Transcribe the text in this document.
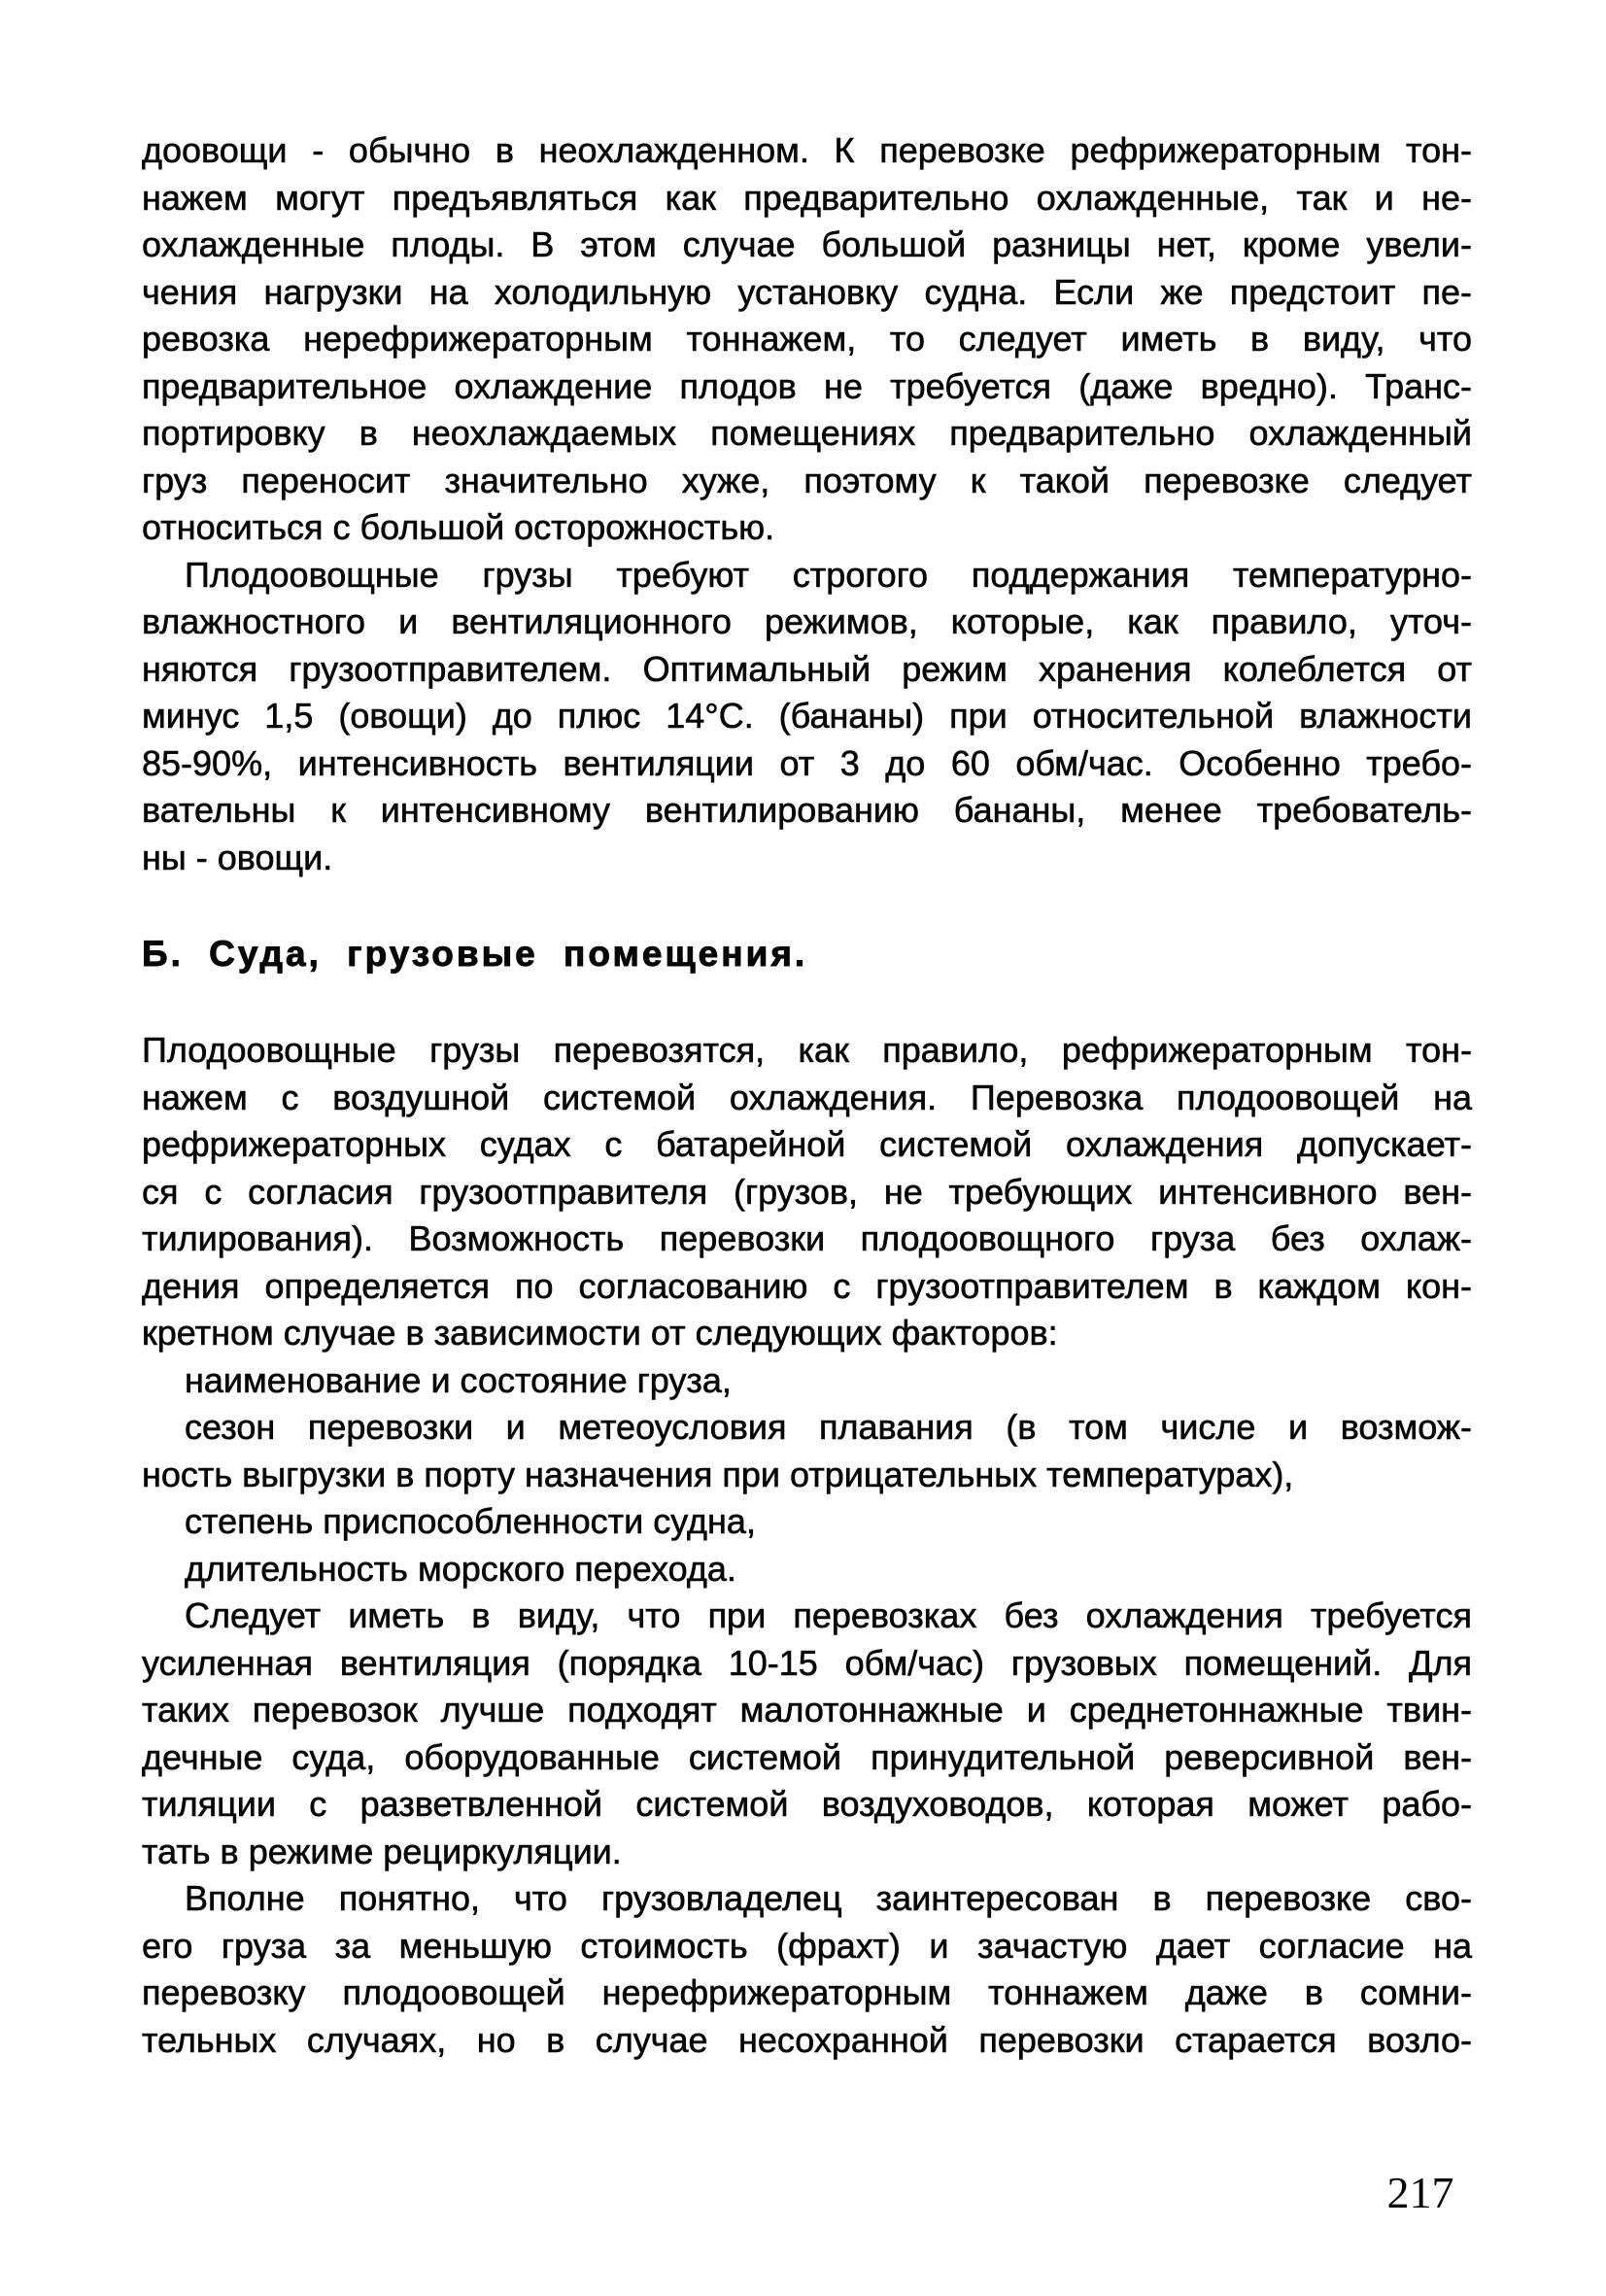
доовощи - обычно в неохлажденном. К перевозке рефрижераторным тон-
нажем могут предъявляться как предварительно охлажденные, так и не-
охлажденные плоды. В этом случае большой разницы нет, кроме увели-
чения нагрузки на холодильную установку судна. Если же предстоит пе-
ревозка нерефрижераторным тоннажем, то следует иметь в виду, что
предварительное охлаждение плодов не требуется (даже вредно). Транс-
портировку в неохлаждаемых помещениях предварительно охлажденный
груз переносит значительно хуже, поэтому к такой перевозке следует
относиться с большой осторожностью.
Плодоовощные грузы требуют строгого поддержания температурно-
влажностного и вентиляционного режимов, которые, как правило, уточ-
няются грузоотправителем. Оптимальный режим хранения колеблется от
минус 1,5 (овощи) до плюс 14°С. (бананы) при относительной влажности
85-90%, интенсивность вентиляции от 3 до 60 обм/час. Особенно требо-
вательны к интенсивному вентилированию бананы, менее требователь-
ны - овощи.
Б. Суда, грузовые помещения.
Плодоовощные грузы перевозятся, как правило, рефрижераторным тон-
нажем с воздушной системой охлаждения. Перевозка плодоовощей на
рефрижераторных судах с батарейной системой охлаждения допускает-
ся с согласия грузоотправителя (грузов, не требующих интенсивного вен-
тилирования). Возможность перевозки плодоовощного груза без охлаж-
дения определяется по согласованию с грузоотправителем в каждом кон-
кретном случае в зависимости от следующих факторов:
наименование и состояние груза,
сезон перевозки и метеоусловия плавания (в том числе и возмож-
ность выгрузки в порту назначения при отрицательных температурах),
степень приспособленности судна,
длительность морского перехода.
Следует иметь в виду, что при перевозках без охлаждения требуется
усиленная вентиляция (порядка 10-15 обм/час) грузовых помещений. Для
таких перевозок лучше подходят малотоннажные и среднетоннажные твин-
дечные суда, оборудованные системой принудительной реверсивной вен-
тиляции с разветвленной системой воздуховодов, которая может рабо-
тать в режиме рециркуляции.
Вполне понятно, что грузовладелец заинтересован в перевозке сво-
его груза за меньшую стоимость (фрахт) и зачастую дает согласие на
перевозку плодоовощей нерефрижераторным тоннажем даже в сомни-
тельных случаях, но в случае несохранной перевозки старается возло-
217
